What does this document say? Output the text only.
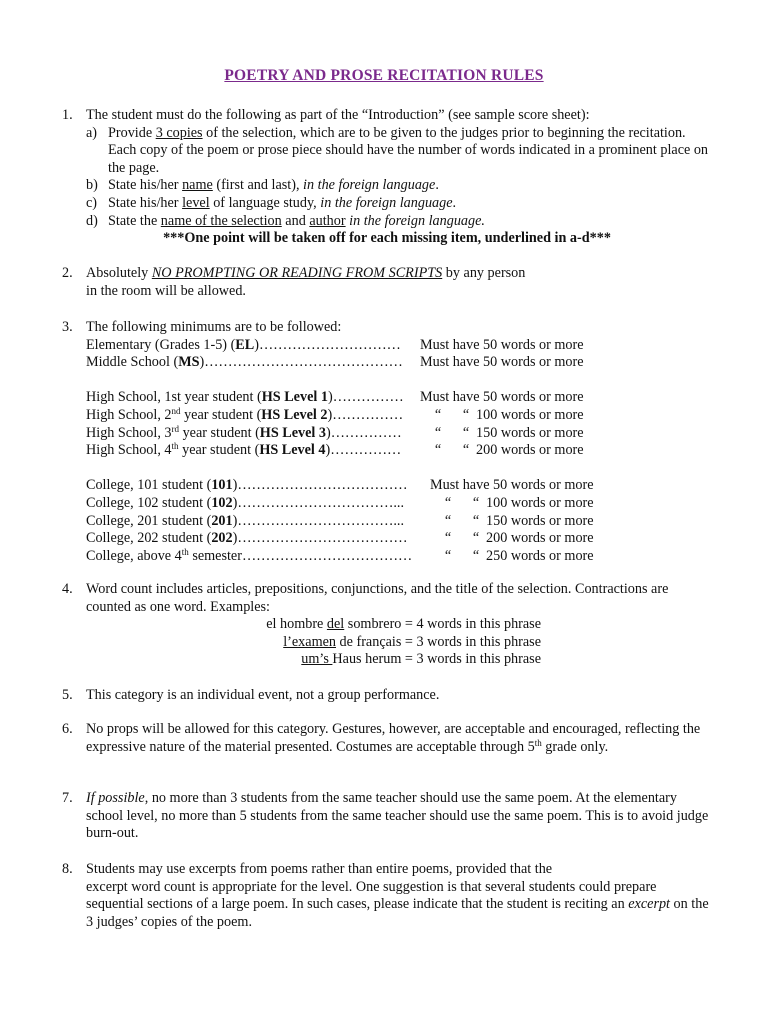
POETRY AND PROSE RECITATION RULES
1. The student must do the following as part of the “Introduction” (see sample score sheet):
a) Provide 3 copies of the selection, which are to be given to the judges prior to beginning the recitation. Each copy of the poem or prose piece should have the number of words indicated in a prominent place on the page.
b) State his/her name (first and last), in the foreign language.
c) State his/her level of language study, in the foreign language.
d) State the name of the selection and author in the foreign language.
***One point will be taken off for each missing item, underlined in a-d***
2. Absolutely NO PROMPTING OR READING FROM SCRIPTS by any person
in the room will be allowed.
3. The following minimums are to be followed:
Elementary (Grades 1-5) (EL)…………………………	Must have 50 words or more
Middle School (MS)……………………………………	Must have 50 words or more
High School, 1st year student (HS Level 1)……………	Must have 50 words or more
High School, 2nd year student (HS Level 2)……………	“	“ 100 words or more
High School, 3rd year student (HS Level 3)……………	“	“ 150 words or more
High School, 4th year student (HS Level 4)……………	“	“ 200 words or more
College, 101 student (101)………………………………	Must have 50 words or more
College, 102 student (102)……………………………...	“	“ 100 words or more
College, 201 student (201)……………………………...	“	“ 150 words or more
College, 202 student (202)………………………………	“	“ 200 words or more
College, above 4th semester………………………………	“	“ 250 words or more
4. Word count includes articles, prepositions, conjunctions, and the title of the selection. Contractions are counted as one word. Examples:
el hombre del sombrero = 4 words in this phrase
l’examen de français = 3 words in this phrase
um’s Haus herum = 3 words in this phrase
5. This category is an individual event, not a group performance.
6. No props will be allowed for this category. Gestures, however, are acceptable and encouraged, reflecting the expressive nature of the material presented. Costumes are acceptable through 5th grade only.
7. If possible, no more than 3 students from the same teacher should use the same poem. At the elementary school level, no more than 5 students from the same teacher should use the same poem. This is to avoid judge burn-out.
8. Students may use excerpts from poems rather than entire poems, provided that the
excerpt word count is appropriate for the level. One suggestion is that several students could prepare sequential sections of a large poem. In such cases, please indicate that the student is reciting an excerpt on the 3 judges’ copies of the poem.
